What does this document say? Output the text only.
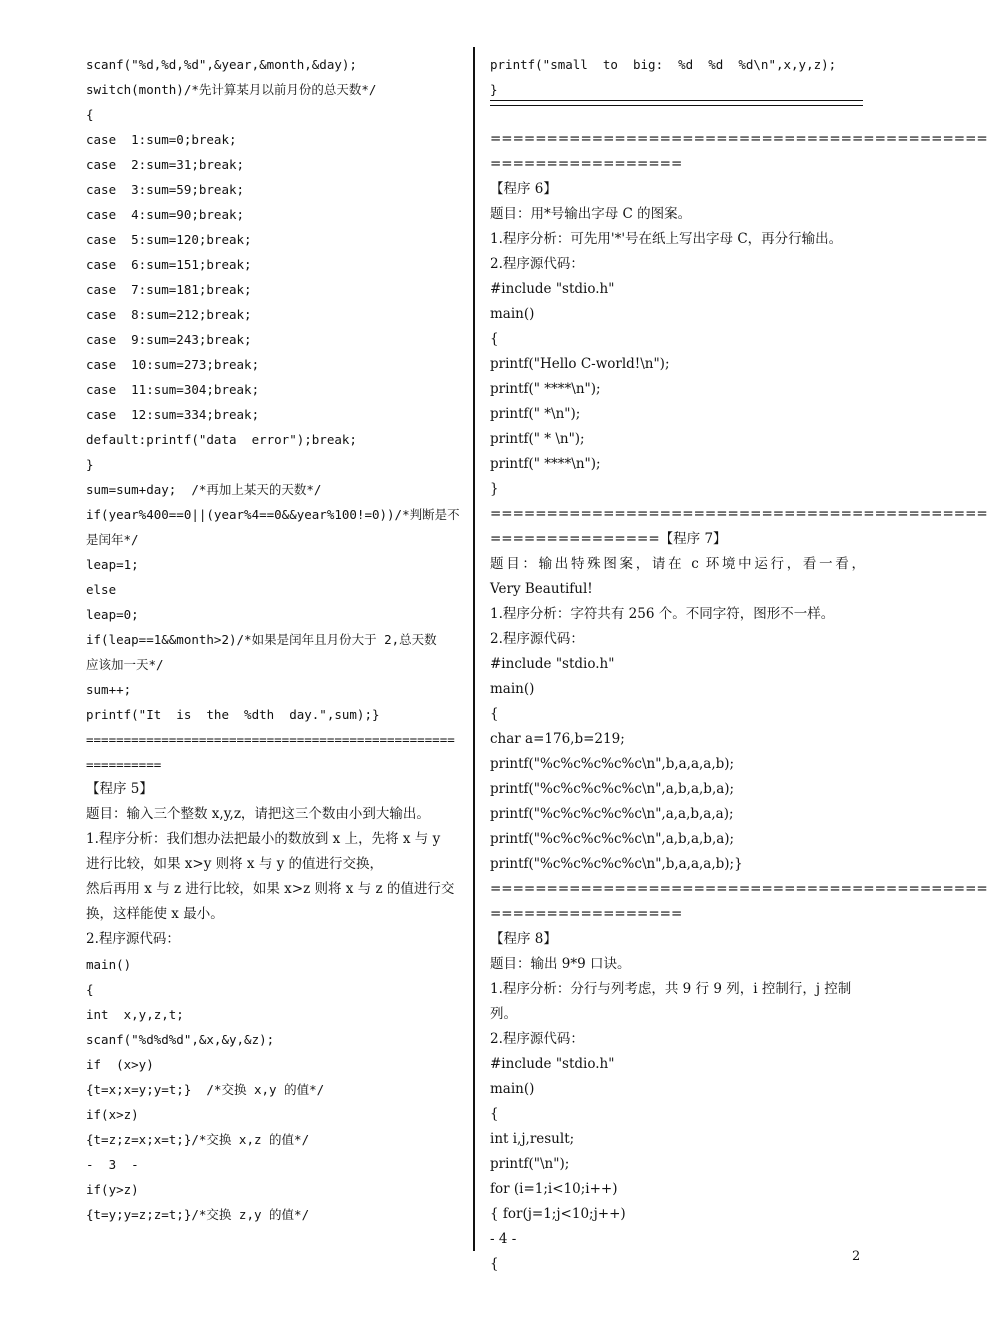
scanf("%d,%d,%d",&year,&month,&day);
switch(month)/*先计算某月以前月份的总天数*/
{
case  1:sum=0;break;
case  2:sum=31;break;
case  3:sum=59;break;
case  4:sum=90;break;
case  5:sum=120;break;
case  6:sum=151;break;
case  7:sum=181;break;
case  8:sum=212;break;
case  9:sum=243;break;
case  10:sum=273;break;
case  11:sum=304;break;
case  12:sum=334;break;
default:printf("data  error");break;
}
sum=sum+day;  /*再加上某天的天数*/
if(year%400==0||(year%4==0&&year%100!=0))/*判断是不
是闰年*/
leap=1;
else
leap=0;
if(leap==1&&month>2)/*如果是闰年且月份大于 2,总天数
应该加一天*/
sum++;
printf("It  is  the  %dth  day.",sum);}
=================================================
==========
【程序 5】
题目：输入三个整数 x,y,z，请把这三个数由小到大输出。
1.程序分析：我们想办法把最小的数放到 x 上，先将 x 与 y
进行比较，如果 x>y 则将 x 与 y 的值进行交换，
然后再用 x 与 z 进行比较，如果 x>z 则将 x 与 z 的值进行交
换，这样能使 x 最小。
2.程序源代码：
main()
{
int  x,y,z,t;
scanf("%d%d%d",&x,&y,&z);
if  (x>y)
{t=x;x=y;y=t;}  /*交换 x,y 的值*/
if(x>z)
{t=z;z=x;x=t;}/*交换 x,z 的值*/
-  3  -
if(y>z)
{t=y;y=z;z=t;}/*交换 z,y 的值*/
printf("small  to  big:  %d  %d  %d\n",x,y,z);
}
============================================
=================
【程序 6】
题目：用*号输出字母 C 的图案。
1.程序分析：可先用'*'号在纸上写出字母 C，再分行输出。
2.程序源代码：
#include "stdio.h"
main()
{
printf("Hello C-world!\n");
printf(" ****\n");
printf(" *\n");
printf(" * \n");
printf(" ****\n");
}
============================================
===============【程序 7】
题目：输出特殊图案，请在 c 环境中运行，看一看，
Very Beautiful!
1.程序分析：字符共有 256 个。不同字符，图形不一样。
2.程序源代码：
#include "stdio.h"
main()
{
char a=176,b=219;
printf("%c%c%c%c%c\n",b,a,a,a,b);
printf("%c%c%c%c%c\n",a,b,a,b,a);
printf("%c%c%c%c%c\n",a,a,b,a,a);
printf("%c%c%c%c%c\n",a,b,a,b,a);
printf("%c%c%c%c%c\n",b,a,a,a,b);}
============================================
=================
【程序 8】
题目：输出 9*9 口诀。
1.程序分析：分行与列考虑，共 9 行 9 列，i 控制行，j 控制
列。
2.程序源代码：
#include "stdio.h"
main()
{
int i,j,result;
printf("\n");
for (i=1;i<10;i++)
{ for(j=1;j<10;j++)
- 4 -
{	2
